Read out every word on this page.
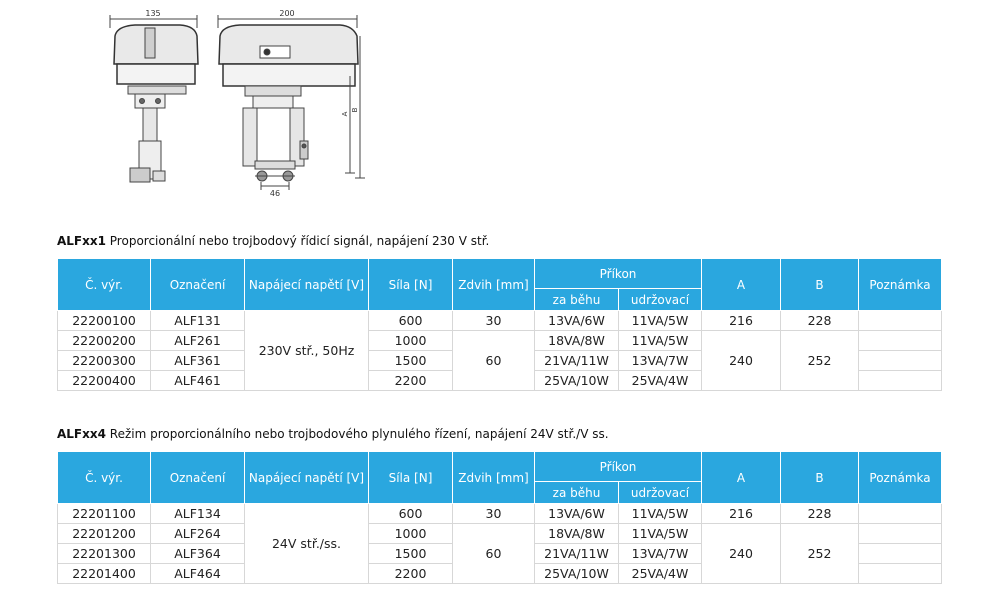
135	200
46
A
B
ALFxx1 Proporcionální nebo trojbodový řídicí signál, napájení 230 V stř.
Č. výr.	Označení	Napájecí napětí [V]	Síla [N]	Zdvih [mm]	Příkon		A	B	Poznámka
					za běhu	udržovací			
22200100	ALF131	230V stř., 50Hz	600	30	13VA/6W	11VA/5W	216	228	
22200200	ALF261		1000	60	18VA/8W	11VA/5W	240	252	
22200300	ALF361		1500		21VA/11W	13VA/7W			
22200400	ALF461		2200		25VA/10W	25VA/4W			
ALFxx4 Režim proporcionálního nebo trojbodového plynulého řízení, napájení 24V stř./V ss.
Č. výr.	Označení	Napájecí napětí [V]	Síla [N]	Zdvih [mm]	Příkon		A	B	Poznámka
					za běhu	udržovací			
22201100	ALF134	24V stř./ss.	600	30	13VA/6W	11VA/5W	216	228	
22201200	ALF264		1000	60	18VA/8W	11VA/5W	240	252	
22201300	ALF364		1500		21VA/11W	13VA/7W			
22201400	ALF464		2200		25VA/10W	25VA/4W			
